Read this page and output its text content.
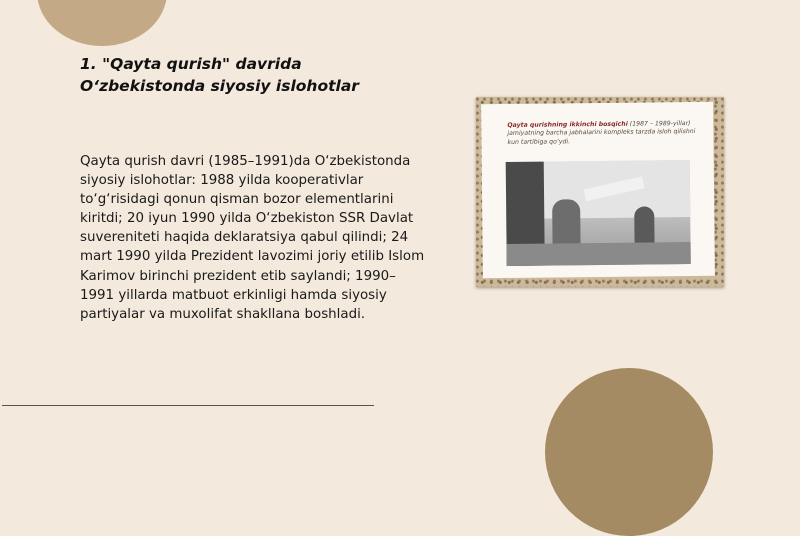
1. "Qayta qurish" davrida
O‘zbekistonda siyosiy islohotlar
Qayta qurish davri (1985–1991)da O‘zbekistonda siyosiy islohotlar: 1988 yilda kooperativlar to‘g‘risidagi qonun qisman bozor elementlarini kiritdi; 20 iyun 1990 yilda O‘zbekiston SSR Davlat suvereniteti haqida deklaratsiya qabul qilindi; 24 mart 1990 yilda Prezident lavozimi joriy etilib Islom Karimov birinchi prezident etib saylandi; 1990–1991 yillarda matbuot erkinligi hamda siyosiy partiyalar va muxolifat shakllana boshladi.
Qayta qurishning ikkinchi bosqichi (1987 – 1989-yillar) jamiyatning barcha jabhalarini kompleks tarzda isloh qilishni kun tartibiga qo‘ydi.
